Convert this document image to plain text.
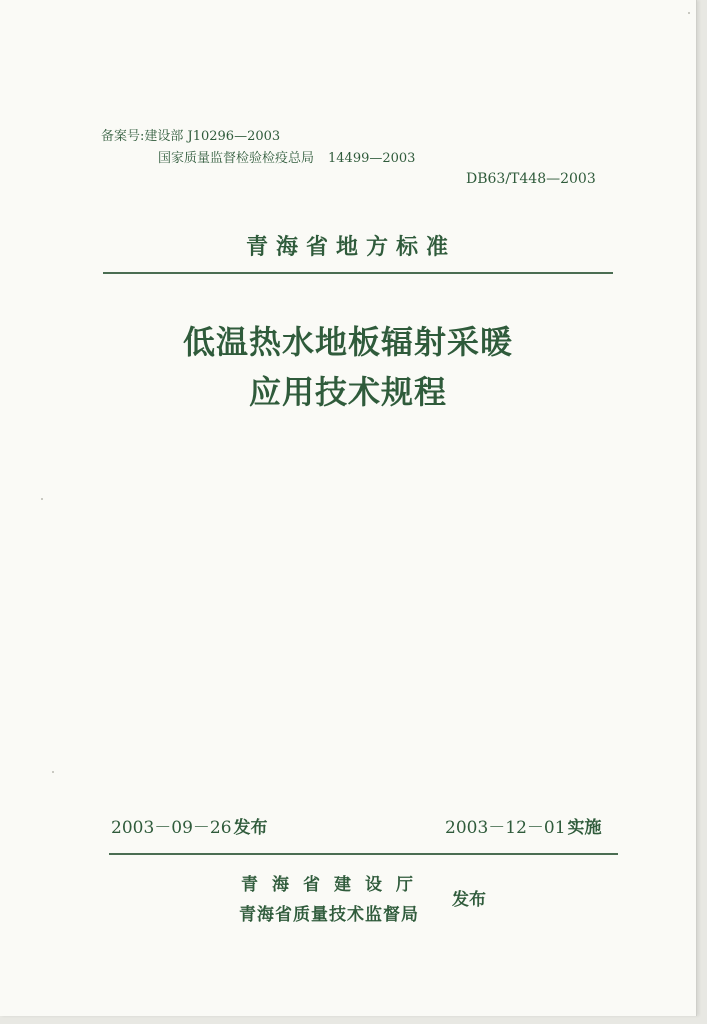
备案号:建设部 J10296—2003
国家质量监督检验检疫总局 14499—2003
DB63/T448—2003
青海省地方标准
低温热水地板辐射采暖
应用技术规程
2003－09－26 发布	2003－12－01 实施
青海省建设厅
青海省质量技术监督局
发布
